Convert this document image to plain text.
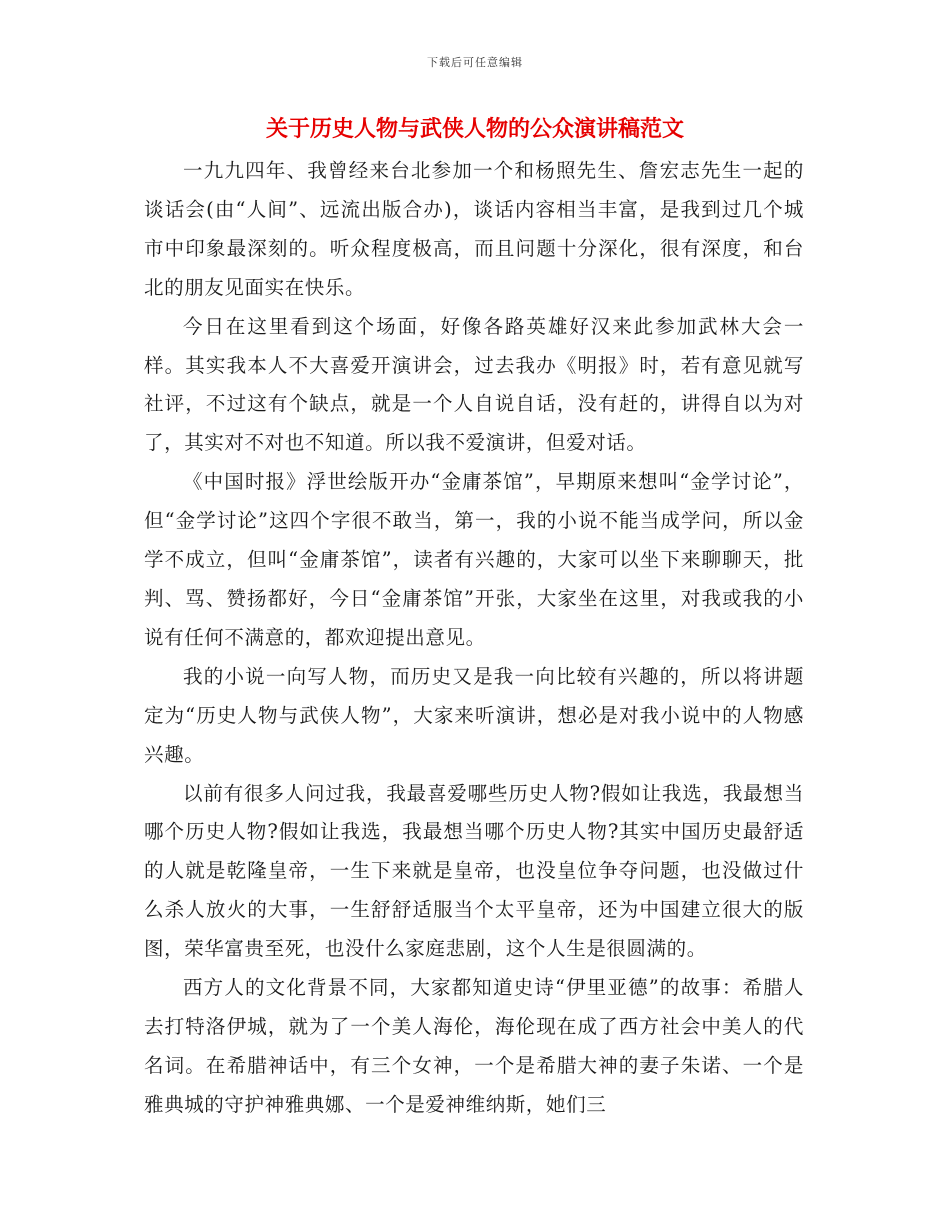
下载后可任意编辑
关于历史人物与武侠人物的公众演讲稿范文

一九九四年、我曾经来台北参加一个和杨照先生、詹宏志先生一起的谈话会(由“人间”、远流出版合办)，谈话内容相当丰富，是我到过几个城市中印象最深刻的。听众程度极高，而且问题十分深化，很有深度，和台北的朋友见面实在快乐。

今日在这里看到这个场面，好像各路英雄好汉来此参加武林大会一样。其实我本人不大喜爱开演讲会，过去我办《明报》时，若有意见就写社评，不过这有个缺点，就是一个人自说自话，没有赶的，讲得自以为对了，其实对不对也不知道。所以我不爱演讲，但爱对话。

《中国时报》浮世绘版开办“金庸茶馆”，早期原来想叫“金学讨论”，但“金学讨论”这四个字很不敢当，第一，我的小说不能当成学问，所以金学不成立，但叫“金庸茶馆”，读者有兴趣的，大家可以坐下来聊聊天，批判、骂、赞扬都好，今日“金庸茶馆”开张，大家坐在这里，对我或我的小说有任何不满意的，都欢迎提出意见。

我的小说一向写人物，而历史又是我一向比较有兴趣的，所以将讲题定为“历史人物与武侠人物”，大家来听演讲，想必是对我小说中的人物感兴趣。

以前有很多人问过我，我最喜爱哪些历史人物?假如让我选，我最想当哪个历史人物?假如让我选，我最想当哪个历史人物?其实中国历史最舒适的人就是乾隆皇帝，一生下来就是皇帝，也没皇位争夺问题，也没做过什么杀人放火的大事，一生舒舒适服当个太平皇帝，还为中国建立很大的版图，荣华富贵至死，也没什么家庭悲剧，这个人生是很圆满的。

西方人的文化背景不同，大家都知道史诗“伊里亚德”的故事：希腊人去打特洛伊城，就为了一个美人海伦，海伦现在成了西方社会中美人的代名词。在希腊神话中，有三个女神，一个是希腊大神的妻子朱诺、一个是雅典城的守护神雅典娜、一个是爱神维纳斯，她们三
